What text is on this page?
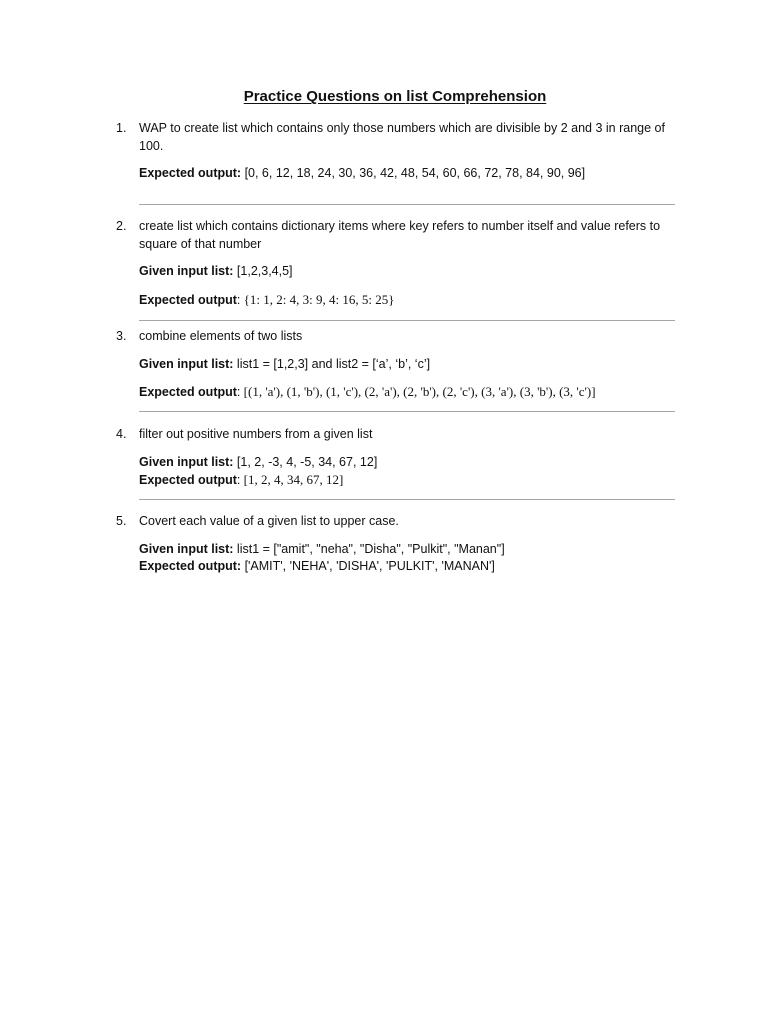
Practice Questions on list Comprehension
1. WAP to create list which contains only those numbers which are divisible by 2 and 3 in range of 100.

Expected output: [0, 6, 12, 18, 24, 30, 36, 42, 48, 54, 60, 66, 72, 78, 84, 90, 96]

2. create list which contains dictionary items where key refers to number itself and value refers to square of that number

Given input list: [1,2,3,4,5]

Expected output: {1: 1, 2: 4, 3: 9, 4: 16, 5: 25}

3. combine elements of two lists

Given input list: list1 = [1,2,3] and list2 = [‘a’, ‘b’, ‘c’]

Expected output: [(1, 'a'), (1, 'b'), (1, 'c'), (2, 'a'), (2, 'b'), (2, 'c'), (3, 'a'), (3, 'b'), (3, 'c')]

4. filter out positive numbers from a given list

Given input list: [1, 2, -3, 4, -5, 34, 67, 12]

Expected output: [1, 2, 4, 34, 67, 12]

5. Covert each value of a given list to upper case.

Given input list: list1 = ["amit", "neha", "Disha", "Pulkit", "Manan"]

Expected output: ['AMIT', 'NEHA', 'DISHA', 'PULKIT', 'MANAN']
